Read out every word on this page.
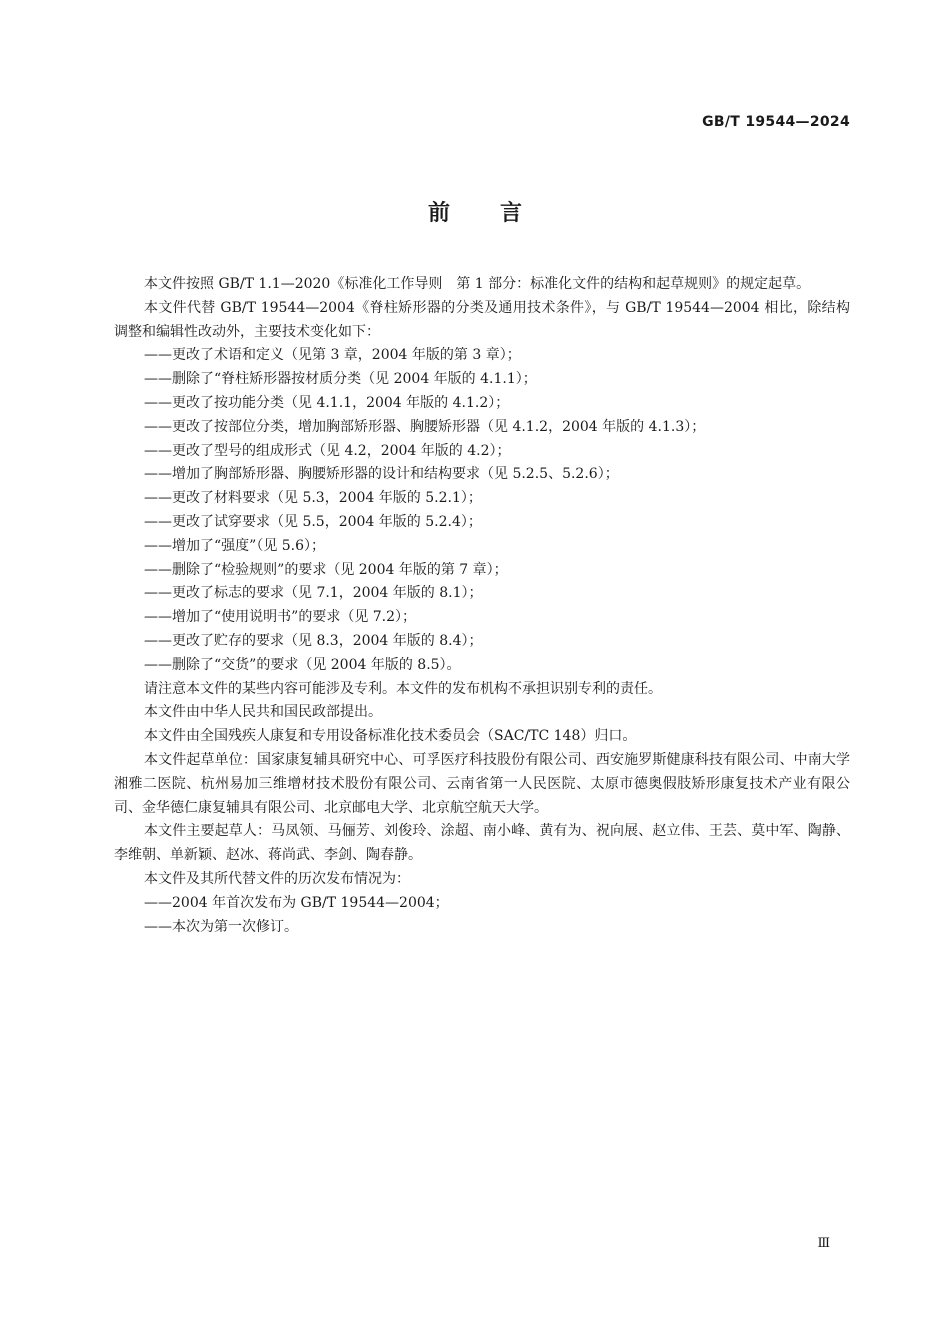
GB/T 19544—2024
前言

本文件按照 GB/T 1.1—2020《标准化工作导则　第 1 部分：标准化文件的结构和起草规则》的规定起草。

本文件代替 GB/T 19544—2004《脊柱矫形器的分类及通用技术条件》，与 GB/T 19544—2004 相比，除结构调整和编辑性改动外，主要技术变化如下：

——更改了术语和定义（见第 3 章，2004 年版的第 3 章）；

——删除了“脊柱矫形器按材质分类（见 2004 年版的 4.1.1）；

——更改了按功能分类（见 4.1.1，2004 年版的 4.1.2）；

——更改了按部位分类，增加胸部矫形器、胸腰矫形器（见 4.1.2，2004 年版的 4.1.3）；

——更改了型号的组成形式（见 4.2，2004 年版的 4.2）；

——增加了胸部矫形器、胸腰矫形器的设计和结构要求（见 5.2.5、5.2.6）；

——更改了材料要求（见 5.3，2004 年版的 5.2.1）；

——更改了试穿要求（见 5.5，2004 年版的 5.2.4）；

——增加了“强度”（见 5.6）；

——删除了“检验规则”的要求（见 2004 年版的第 7 章）；

——更改了标志的要求（见 7.1，2004 年版的 8.1）；

——增加了“使用说明书”的要求（见 7.2）；

——更改了贮存的要求（见 8.3，2004 年版的 8.4）；

——删除了“交货”的要求（见 2004 年版的 8.5）。

请注意本文件的某些内容可能涉及专利。本文件的发布机构不承担识别专利的责任。

本文件由中华人民共和国民政部提出。

本文件由全国残疾人康复和专用设备标准化技术委员会（SAC/TC 148）归口。

本文件起草单位：国家康复辅具研究中心、可孚医疗科技股份有限公司、西安施罗斯健康科技有限公司、中南大学湘雅二医院、杭州易加三维增材技术股份有限公司、云南省第一人民医院、太原市德奥假肢矫形康复技术产业有限公司、金华德仁康复辅具有限公司、北京邮电大学、北京航空航天大学。

本文件主要起草人：马凤领、马俪芳、刘俊玲、涂超、南小峰、黄有为、祝向展、赵立伟、王芸、莫中军、陶静、李维朝、单新颖、赵冰、蒋尚武、李剑、陶春静。

本文件及其所代替文件的历次发布情况为：

——2004 年首次发布为 GB/T 19544—2004；

——本次为第一次修订。

Ⅲ
